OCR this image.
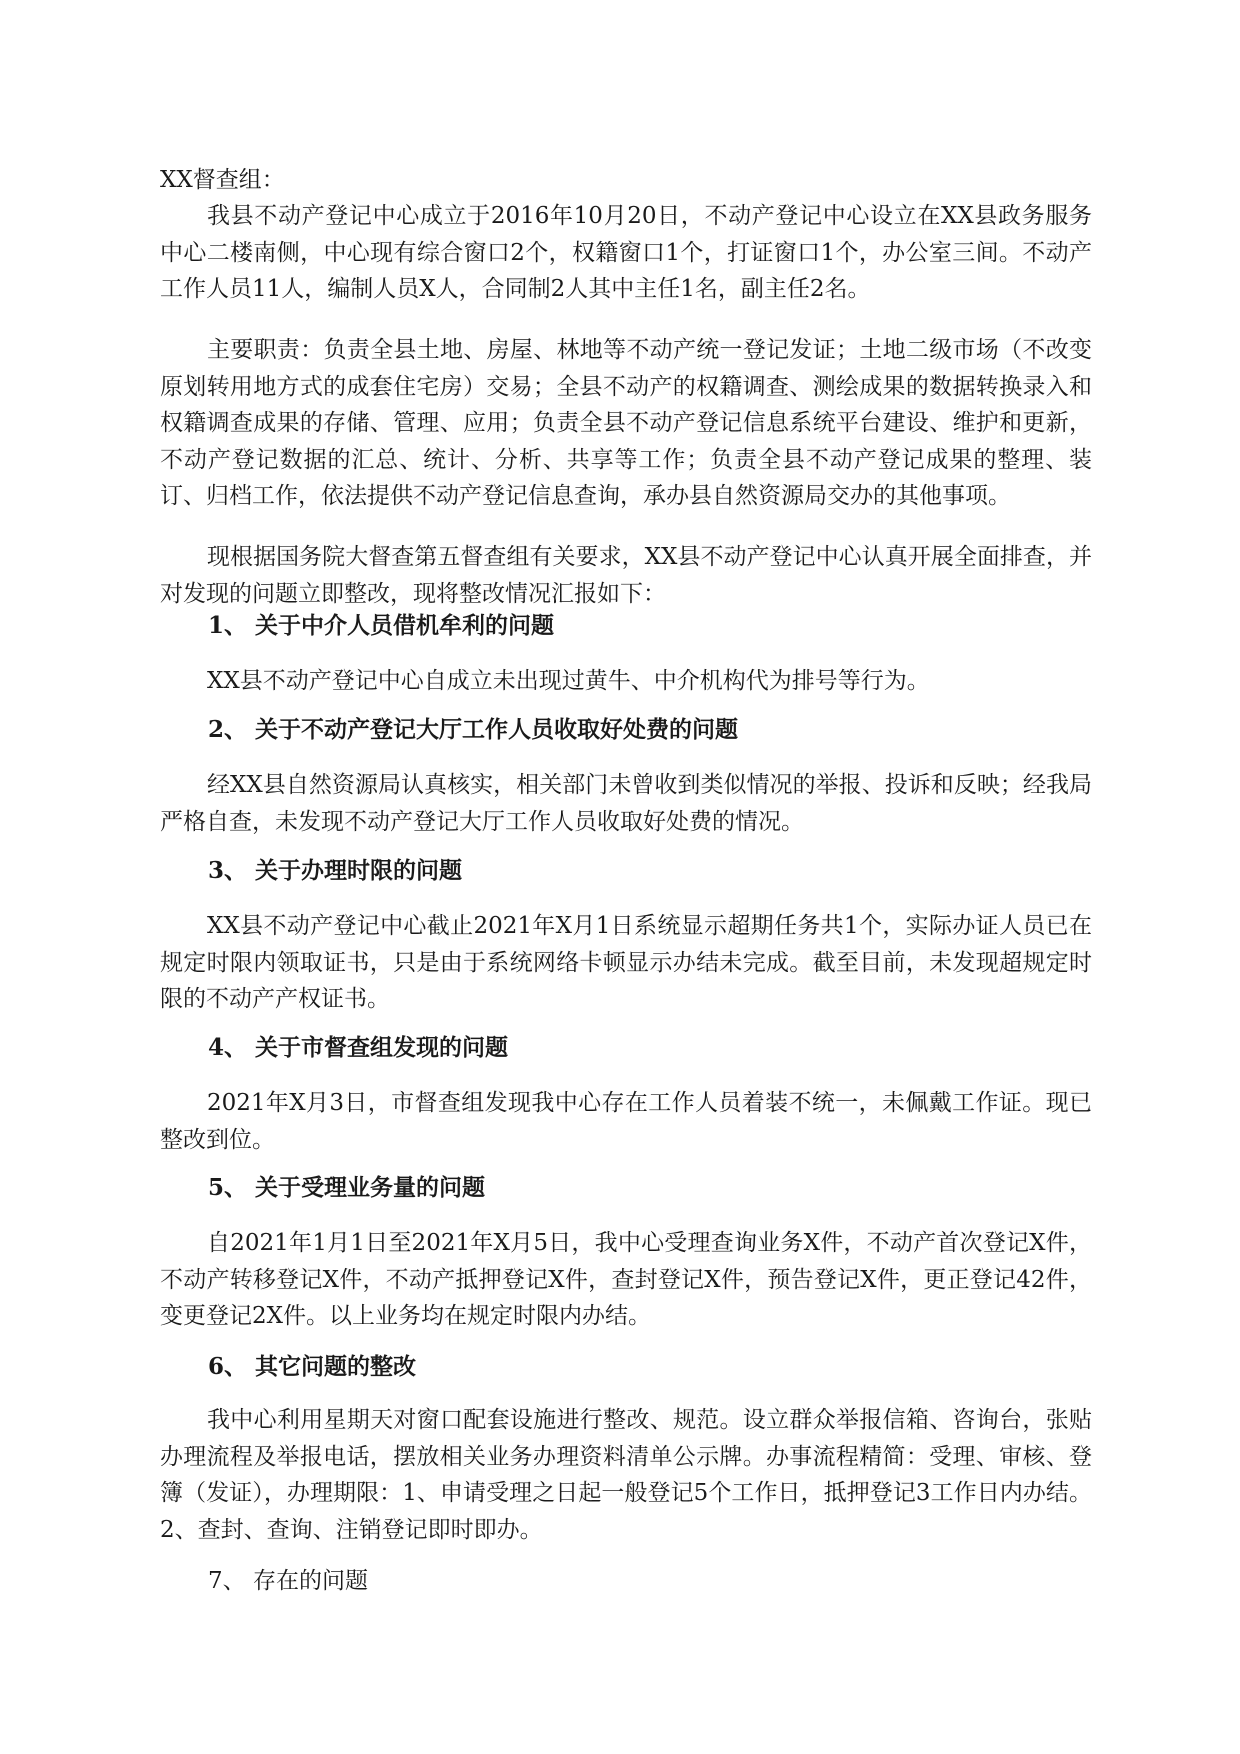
XX督查组：

我县不动产登记中心成立于2016年10月20日，不动产登记中心设立在XX县政务服务中心二楼南侧，中心现有综合窗口2个，权籍窗口1个，打证窗口1个，办公室三间。不动产工作人员11人，编制人员X人，合同制2人其中主任1名，副主任2名。

主要职责：负责全县土地、房屋、林地等不动产统一登记发证；土地二级市场（不改变原划转用地方式的成套住宅房）交易；全县不动产的权籍调查、测绘成果的数据转换录入和权籍调查成果的存储、管理、应用；负责全县不动产登记信息系统平台建设、维护和更新，不动产登记数据的汇总、统计、分析、共享等工作；负责全县不动产登记成果的整理、装订、归档工作，依法提供不动产登记信息查询，承办县自然资源局交办的其他事项。

现根据国务院大督查第五督查组有关要求，XX县不动产登记中心认真开展全面排查，并对发现的问题立即整改，现将整改情况汇报如下：

1、 关于中介人员借机牟利的问题

XX县不动产登记中心自成立未出现过黄牛、中介机构代为排号等行为。

2、 关于不动产登记大厅工作人员收取好处费的问题

经XX县自然资源局认真核实，相关部门未曾收到类似情况的举报、投诉和反映；经我局严格自查，未发现不动产登记大厅工作人员收取好处费的情况。

3、 关于办理时限的问题

XX县不动产登记中心截止2021年X月1日系统显示超期任务共1个，实际办证人员已在规定时限内领取证书，只是由于系统网络卡顿显示办结未完成。截至目前，未发现超规定时限的不动产产权证书。

4、 关于市督查组发现的问题

2021年X月3日，市督查组发现我中心存在工作人员着装不统一，未佩戴工作证。现已整改到位。

5、 关于受理业务量的问题

自2021年1月1日至2021年X月5日，我中心受理查询业务X件，不动产首次登记X件，不动产转移登记X件，不动产抵押登记X件，查封登记X件，预告登记X件，更正登记42件，变更登记2X件。以上业务均在规定时限内办结。

6、 其它问题的整改

我中心利用星期天对窗口配套设施进行整改、规范。设立群众举报信箱、咨询台，张贴办理流程及举报电话，摆放相关业务办理资料清单公示牌。办事流程精简：受理、审核、登簿（发证），办理期限：1、申请受理之日起一般登记5个工作日，抵押登记3工作日内办结。2、查封、查询、注销登记即时即办。

7、 存在的问题
